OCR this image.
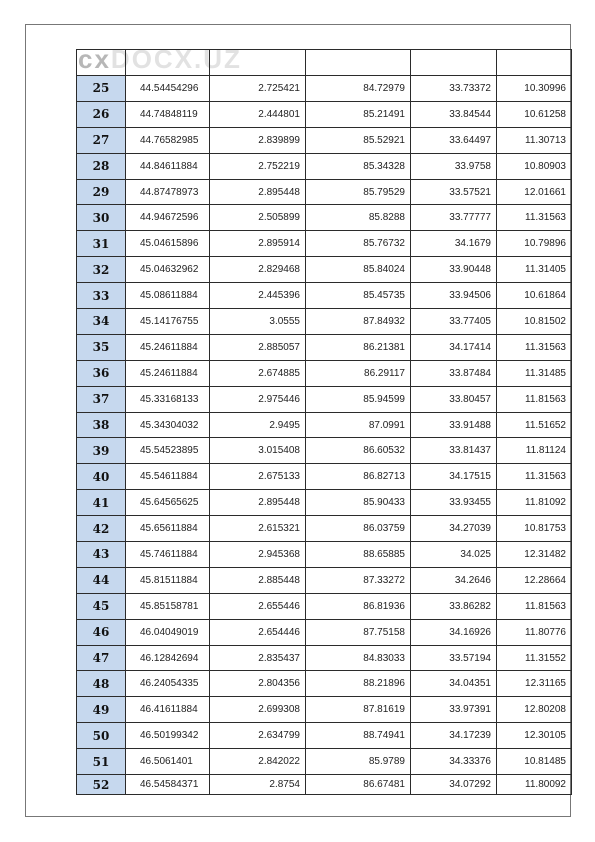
cxDOCX.UZ

25	44.54454296	2.725421	84.72979	33.73372	10.30996
26	44.74848119	2.444801	85.21491	33.84544	10.61258
27	44.76582985	2.839899	85.52921	33.64497	11.30713
28	44.84611884	2.752219	85.34328	33.9758	10.80903
29	44.87478973	2.895448	85.79529	33.57521	12.01661
30	44.94672596	2.505899	85.8288	33.77777	11.31563
31	45.04615896	2.895914	85.76732	34.1679	10.79896
32	45.04632962	2.829468	85.84024	33.90448	11.31405
33	45.08611884	2.445396	85.45735	33.94506	10.61864
34	45.14176755	3.0555	87.84932	33.77405	10.81502
35	45.24611884	2.885057	86.21381	34.17414	11.31563
36	45.24611884	2.674885	86.29117	33.87484	11.31485
37	45.33168133	2.975446	85.94599	33.80457	11.81563
38	45.34304032	2.9495	87.0991	33.91488	11.51652
39	45.54523895	3.015408	86.60532	33.81437	11.81124
40	45.54611884	2.675133	86.82713	34.17515	11.31563
41	45.64565625	2.895448	85.90433	33.93455	11.81092
42	45.65611884	2.615321	86.03759	34.27039	10.81753
43	45.74611884	2.945368	88.65885	34.025	12.31482
44	45.81511884	2.885448	87.33272	34.2646	12.28664
45	45.85158781	2.655446	86.81936	33.86282	11.81563
46	46.04049019	2.654446	87.75158	34.16926	11.80776
47	46.12842694	2.835437	84.83033	33.57194	11.31552
48	46.24054335	2.804356	88.21896	34.04351	12.31165
49	46.41611884	2.699308	87.81619	33.97391	12.80208
50	46.50199342	2.634799	88.74941	34.17239	12.30105
51	46.5061401	2.842022	85.9789	34.33376	10.81485
52	46.54584371	2.8754	86.67481	34.07292	11.80092
